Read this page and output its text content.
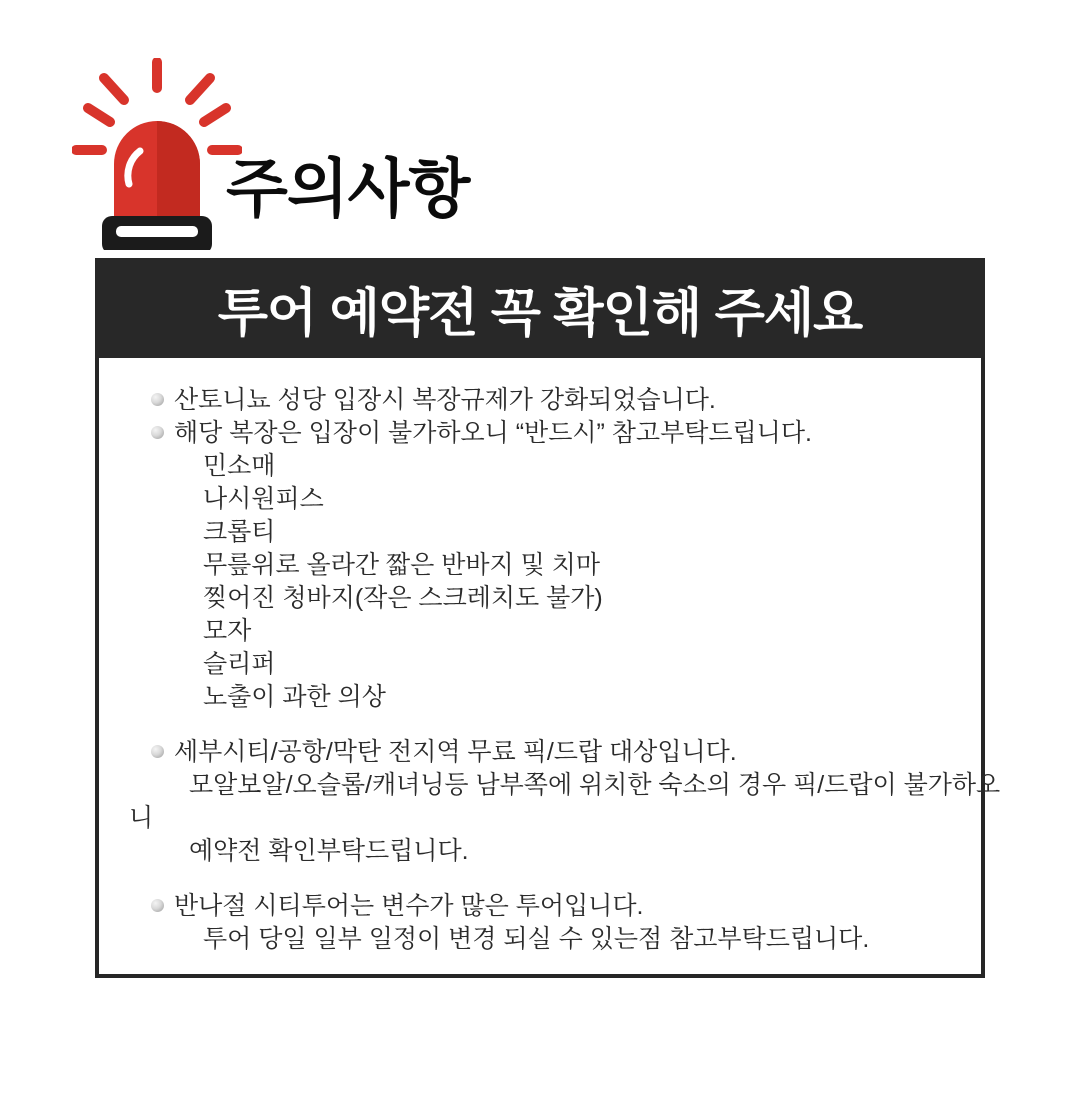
주의사항
투어 예약전 꼭 확인해 주세요
산토니뇨 성당 입장시 복장규제가 강화되었습니다.
해당 복장은 입장이 불가하오니 “반드시” 참고부탁드립니다.
민소매
나시원피스
크롭티
무릎위로 올라간 짧은 반바지 및 치마
찢어진 청바지(작은 스크레치도 불가)
모자
슬리퍼
노출이 과한 의상
세부시티/공항/막탄 전지역 무료 픽/드랍 대상입니다.
모알보알/오슬롭/캐녀닝등 남부쪽에 위치한 숙소의 경우 픽/드랍이 불가하오
니
예약전 확인부탁드립니다.
반나절 시티투어는 변수가 많은 투어입니다.
투어 당일 일부 일정이 변경 되실 수 있는점 참고부탁드립니다.
